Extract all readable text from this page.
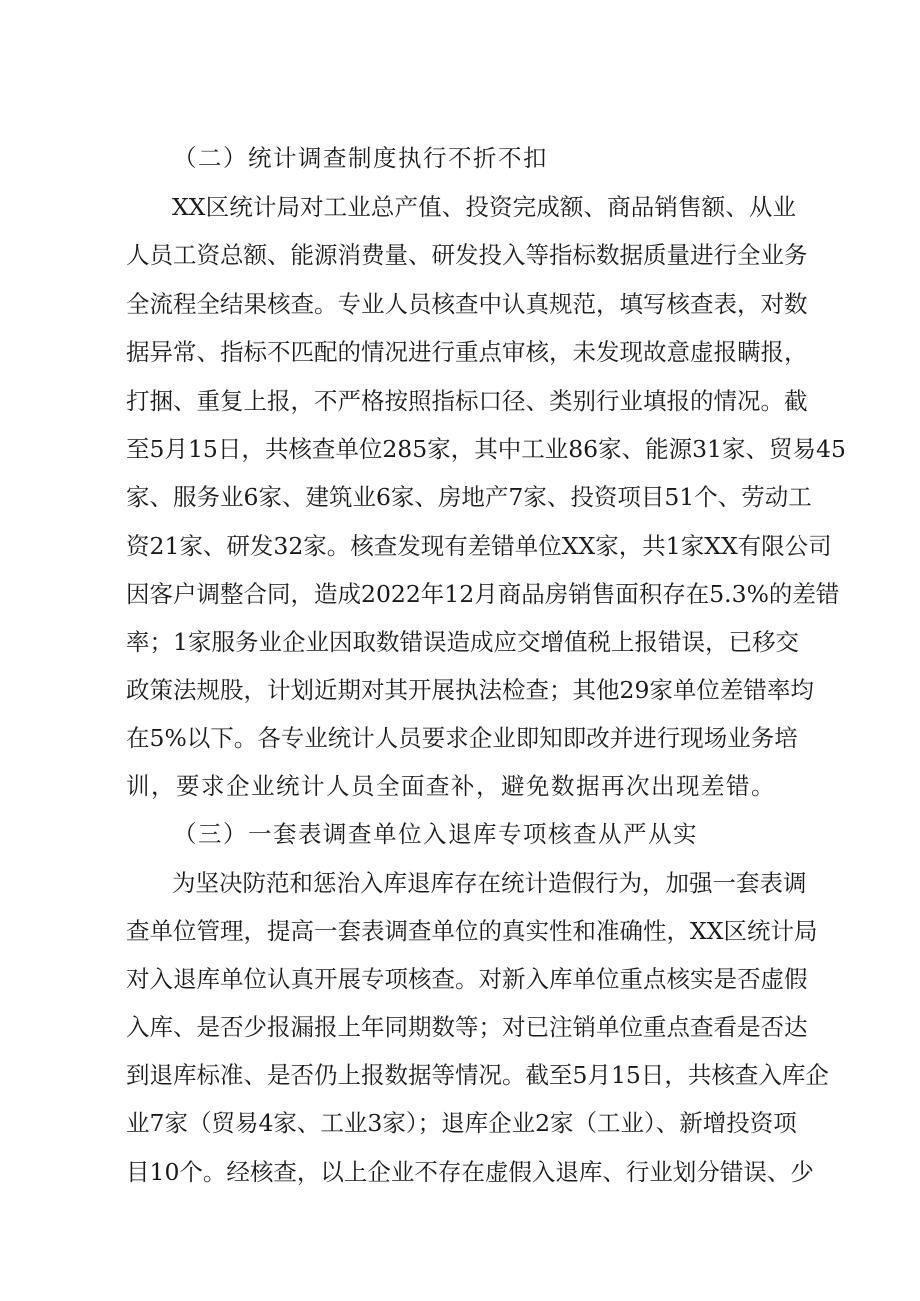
（二）统计调查制度执行不折不扣
XX区统计局对工业总产值、投资完成额、商品销售额、从业
人员工资总额、能源消费量、研发投入等指标数据质量进行全业务
全流程全结果核查。专业人员核查中认真规范，填写核查表，对数
据异常、指标不匹配的情况进行重点审核，未发现故意虚报瞒报，
打捆、重复上报，不严格按照指标口径、类别行业填报的情况。截
至5月15日，共核查单位285家，其中工业86家、能源31家、贸易45
家、服务业6家、建筑业6家、房地产7家、投资项目51个、劳动工
资21家、研发32家。核查发现有差错单位XX家，共1家XX有限公司
因客户调整合同，造成2022年12月商品房销售面积存在5.3%的差错
率；1家服务业企业因取数错误造成应交增值税上报错误，已移交
政策法规股，计划近期对其开展执法检查；其他29家单位差错率均
在5%以下。各专业统计人员要求企业即知即改并进行现场业务培
训，要求企业统计人员全面查补，避免数据再次出现差错。
（三）一套表调查单位入退库专项核查从严从实
为坚决防范和惩治入库退库存在统计造假行为，加强一套表调
查单位管理，提高一套表调查单位的真实性和准确性，XX区统计局
对入退库单位认真开展专项核查。对新入库单位重点核实是否虚假
入库、是否少报漏报上年同期数等；对已注销单位重点查看是否达
到退库标准、是否仍上报数据等情况。截至5月15日，共核查入库企
业7家（贸易4家、工业3家）；退库企业2家（工业）、新增投资项
目10个。经核查，以上企业不存在虚假入退库、行业划分错误、少
